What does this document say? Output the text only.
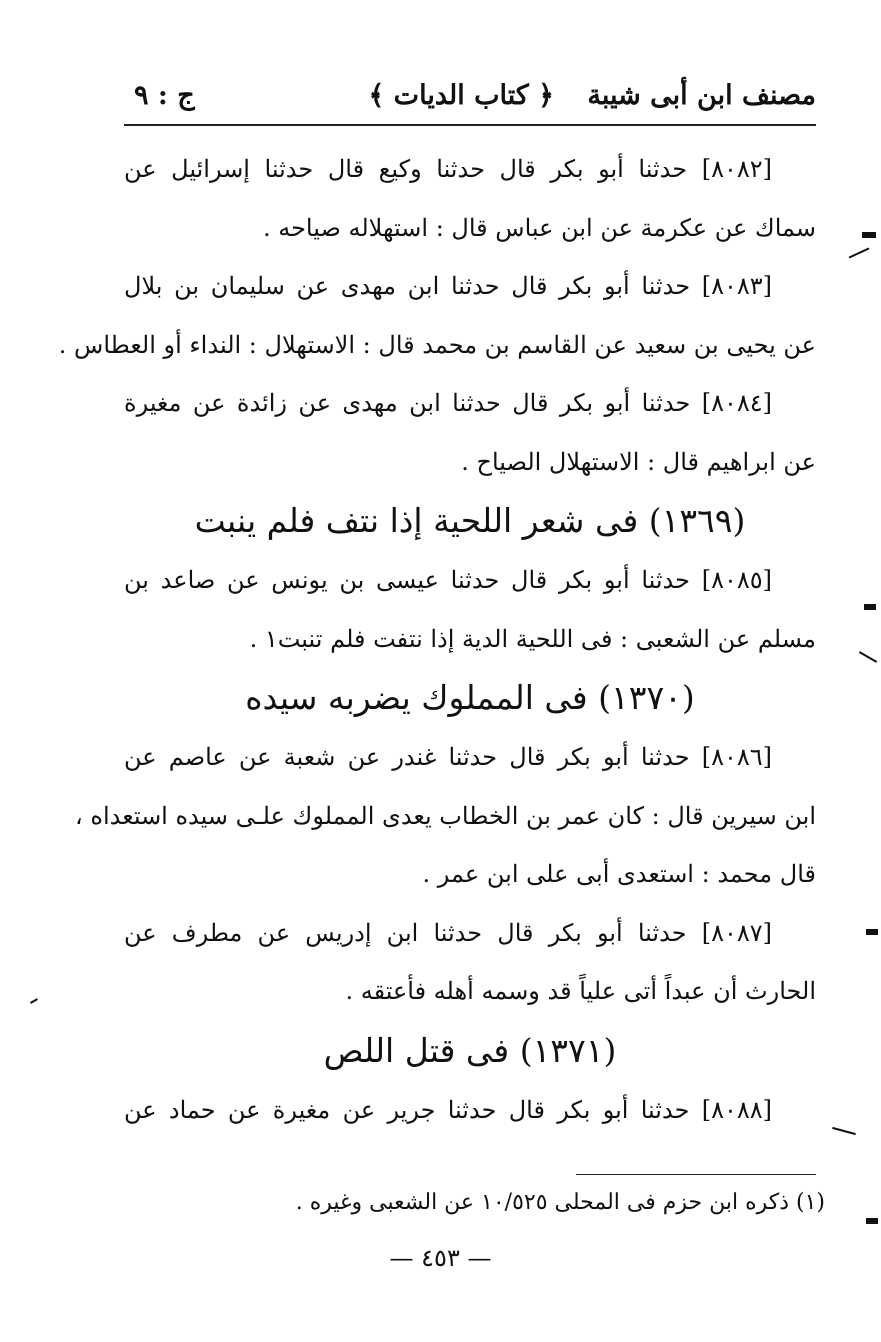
مصنف ابن أبى شيبة
﴿ كتاب الديات ﴾
ج : ٩
[٨٠٨٢] حدثنا أبو بكر قال حدثنا وكيع قال حدثنا إسرائيل عن
سماك عن عكرمة عن ابن عباس قال : استهلاله صياحه .
[٨٠٨٣] حدثنا أبو بكر قال حدثنا ابن مهدى عن سليمان بن بلال
عن يحيى بن سعيد عن القاسم بن محمد قال : الاستهلال : النداء أو العطاس .
[٨٠٨٤] حدثنا أبو بكر قال حدثنا ابن مهدى عن زائدة عن مغيرة
عن ابراهيم قال : الاستهلال الصياح .
(١٣٦٩) فى شعر اللحية إذا نتف فلم ينبت
[٨٠٨٥] حدثنا أبو بكر قال حدثنا عيسى بن يونس عن صاعد بن
مسلم عن الشعبى : فى اللحية الدية إذا نتفت فلم تنبت١ .
(١٣٧٠) فى المملوك يضربه سيده
[٨٠٨٦] حدثنا أبو بكر قال حدثنا غندر عن شعبة عن عاصم عن
ابن سيرين قال : كان عمر بن الخطاب يعدى المملوك علـى سيده استعداه ،
قال محمد : استعدى أبى على ابن عمر .
[٨٠٨٧] حدثنا أبو بكر قال حدثنا ابن إدريس عن مطرف عن
الحارث أن عبداً أتى علياً قد وسمه أهله فأعتقه .
(١٣٧١) فى قتل اللص
[٨٠٨٨] حدثنا أبو بكر قال حدثنا جرير عن مغيرة عن حماد عن
(١) ذكره ابن حزم فى المحلى ١٠/٥٢٥ عن الشعبى وغيره .
— ٤٥٣ —
